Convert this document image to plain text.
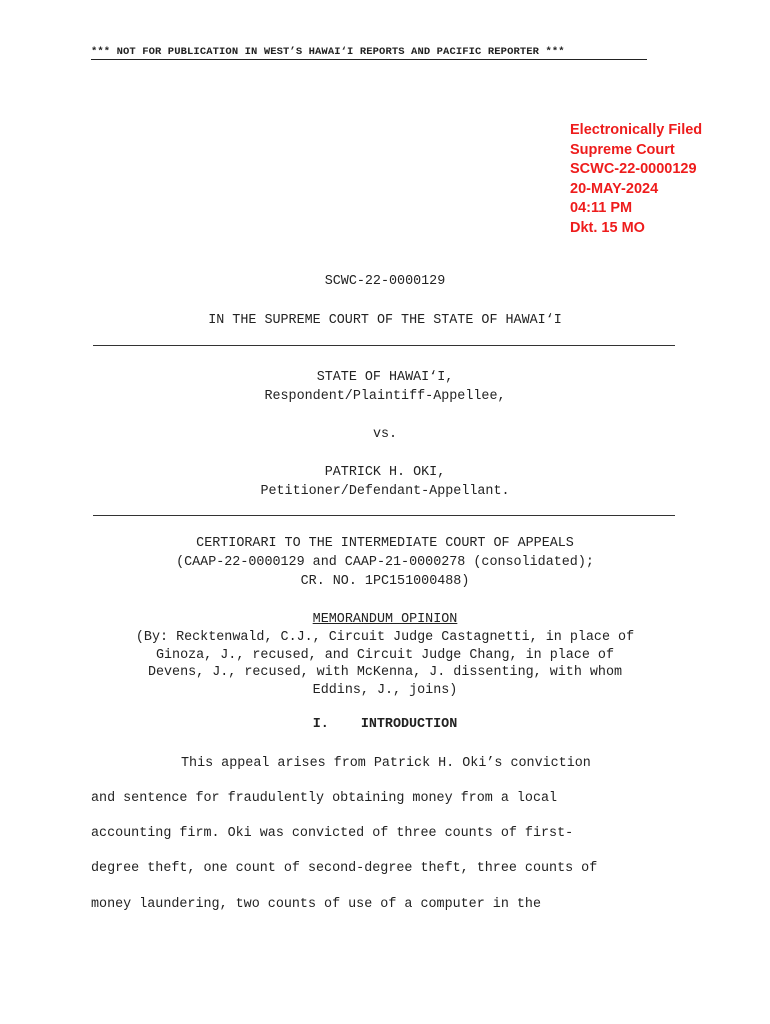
*** NOT FOR PUBLICATION IN WEST’S HAWAI‘I REPORTS AND PACIFIC REPORTER ***
Electronically Filed
Supreme Court
SCWC-22-0000129
20-MAY-2024
04:11 PM
Dkt. 15 MO
SCWC-22-0000129
IN THE SUPREME COURT OF THE STATE OF HAWAI‘I
STATE OF HAWAI‘I,
Respondent/Plaintiff-Appellee,
vs.
PATRICK H. OKI,
Petitioner/Defendant-Appellant.
CERTIORARI TO THE INTERMEDIATE COURT OF APPEALS
(CAAP-22-0000129 and CAAP-21-0000278 (consolidated);
CR. NO. 1PC151000488)
MEMORANDUM OPINION
(By: Recktenwald, C.J., Circuit Judge Castagnetti, in place of
Ginoza, J., recused, and Circuit Judge Chang, in place of
Devens, J., recused, with McKenna, J. dissenting, with whom
Eddins, J., joins)
I. INTRODUCTION
This appeal arises from Patrick H. Oki’s conviction
and sentence for fraudulently obtaining money from a local
accounting firm. Oki was convicted of three counts of first-
degree theft, one count of second-degree theft, three counts of
money laundering, two counts of use of a computer in the
